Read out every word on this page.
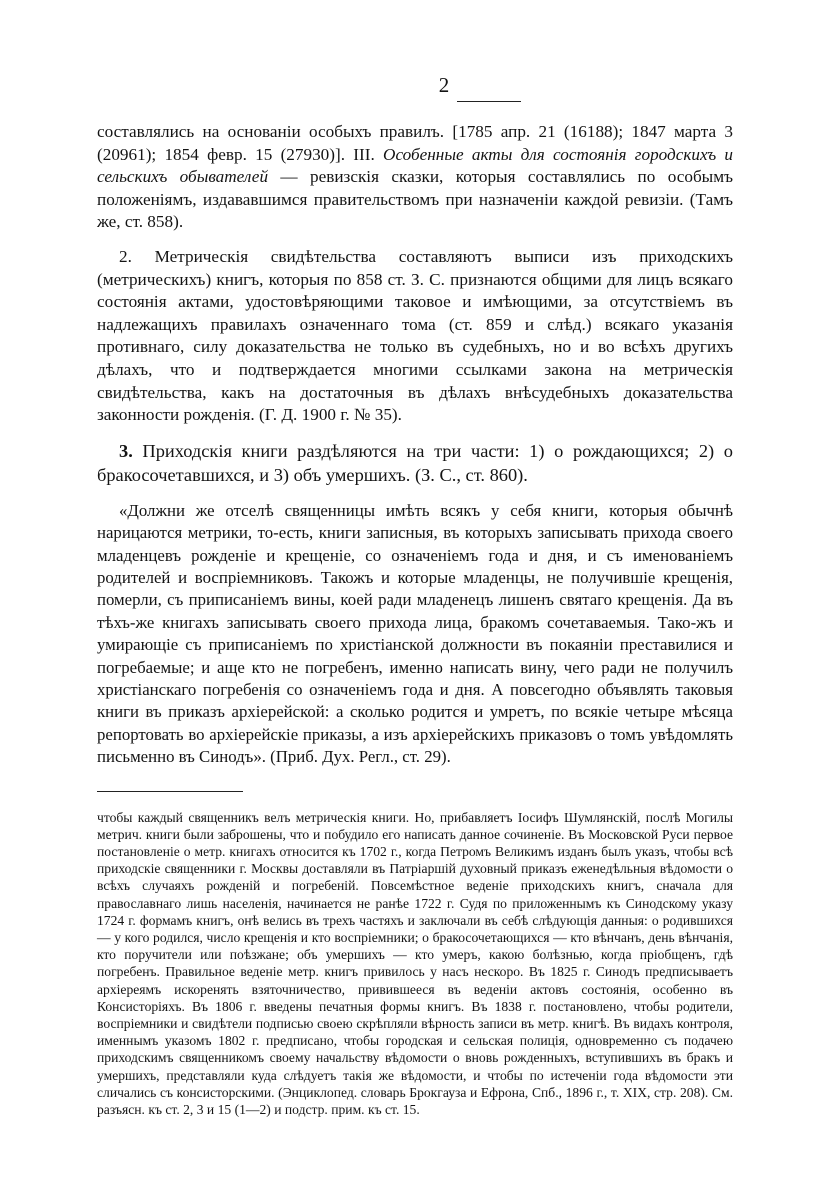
2

составлялись на основаніи особыхъ правилъ. [1785 апр. 21 (16188); 1847 марта 3 (20961); 1854 февр. 15 (27930)]. III. Особенные акты для состоянія городскихъ и сельскихъ обывателей — ревизскія сказки, которыя составлялись по особымъ положеніямъ, издававшимся правительствомъ при назначеніи каждой ревизіи. (Тамъ же, ст. 858).

2. Метрическія свидѣтельства составляютъ выписи изъ приходскихъ (метрическихъ) книгъ, которыя по 858 ст. З. С. признаются общими для лицъ всякаго состоянія актами, удостовѣряющими таковое и имѣющими, за отсутствіемъ въ надлежащихъ правилахъ означеннаго тома (ст. 859 и слѣд.) всякаго указанія противнаго, силу доказательства не только въ судебныхъ, но и во всѣхъ другихъ дѣлахъ, что и подтверждается многими ссылками закона на метрическія свидѣтельства, какъ на достаточныя въ дѣлахъ внѣсудебныхъ доказательства законности рожденія. (Г. Д. 1900 г. № 35).

3. Приходскія книги раздѣляются на три части: 1) о рождающихся; 2) о бракосочетавшихся, и 3) объ умершихъ. (З. С., ст. 860).

«Должни же отселѣ священницы имѣть всякъ у себя книги, которыя обычнѣ нарицаются метрики, то-есть, книги записныя, въ которыхъ записывать прихода своего младенцевъ рожденіе и крещеніе, со означеніемъ года и дня, и съ именованіемъ родителей и воспріемниковъ. Такожъ и которые младенцы, не получившіе крещенія, померли, съ приписаніемъ вины, коей ради младенецъ лишенъ святаго крещенія. Да въ тѣхъ-же книгахъ записывать своего прихода лица, бракомъ сочетаваемыя. Тако-жъ и умирающіе съ приписаніемъ по христіанской должности въ покаяніи преставилися и погребаемые; и аще кто не погребенъ, именно написать вину, чего ради не получилъ христіанскаго погребенія со означеніемъ года и дня. А повсегодно объявлять таковыя книги въ приказъ архіерейской: а сколько родится и умретъ, по всякіе четыре мѣсяца репортовать во архіерейскіе приказы, а изъ архіерейскихъ приказовъ о томъ увѣдомлять письменно въ Синодъ». (Приб. Дух. Регл., ст. 29).

чтобы каждый священникъ велъ метрическія книги. Но, прибавляетъ Іосифъ Шумлянскій, послѣ Могилы метрич. книги были заброшены, что и побудило его написать данное сочиненіе. Въ Московской Руси первое постановленіе о метр. книгахъ относится къ 1702 г., когда Петромъ Великимъ изданъ былъ указъ, чтобы всѣ приходскіе священники г. Москвы доставляли въ Патріаршій духовный приказъ еженедѣльныя вѣдомости о всѣхъ случаяхъ рожденій и погребеній. Повсемѣстное веденіе приходскихъ книгъ, сначала для православнаго лишь населенія, начинается не ранѣе 1722 г. Судя по приложеннымъ къ Синодскому указу 1724 г. формамъ книгъ, онѣ велись въ трехъ частяхъ и заключали въ себѣ слѣдующія данныя: о родившихся — у кого родился, число крещенія и кто воспріемники; о бракосочетающихся — кто вѣнчанъ, день вѣнчанія, кто поручители или поѣзжане; объ умершихъ — кто умеръ, какою болѣзнью, когда пріобщенъ, гдѣ погребенъ. Правильное веденіе метр. книгъ привилось у насъ нескоро. Въ 1825 г. Синодъ предписываетъ архіереямъ искоренять взяточничество, привившееся въ веденіи актовъ состоянія, особенно въ Консисторіяхъ. Въ 1806 г. введены печатныя формы книгъ. Въ 1838 г. постановлено, чтобы родители, воспріемники и свидѣтели подписью своею скрѣпляли вѣрность записи въ метр. книгѣ. Въ видахъ контроля, именнымъ указомъ 1802 г. предписано, чтобы городская и сельская полиція, одновременно съ подачею приходскимъ священникомъ своему начальству вѣдомости о вновь рожденныхъ, вступившихъ въ бракъ и умершихъ, представляли куда слѣдуетъ такія же вѣдомости, и чтобы по истеченіи года вѣдомости эти сличались съ консисторскими. (Энциклопед. словарь Брокгауза и Ефрона, Спб., 1896 г., т. XIX, стр. 208). См. разъясн. къ ст. 2, 3 и 15 (1—2) и подстр. прим. къ ст. 15.
